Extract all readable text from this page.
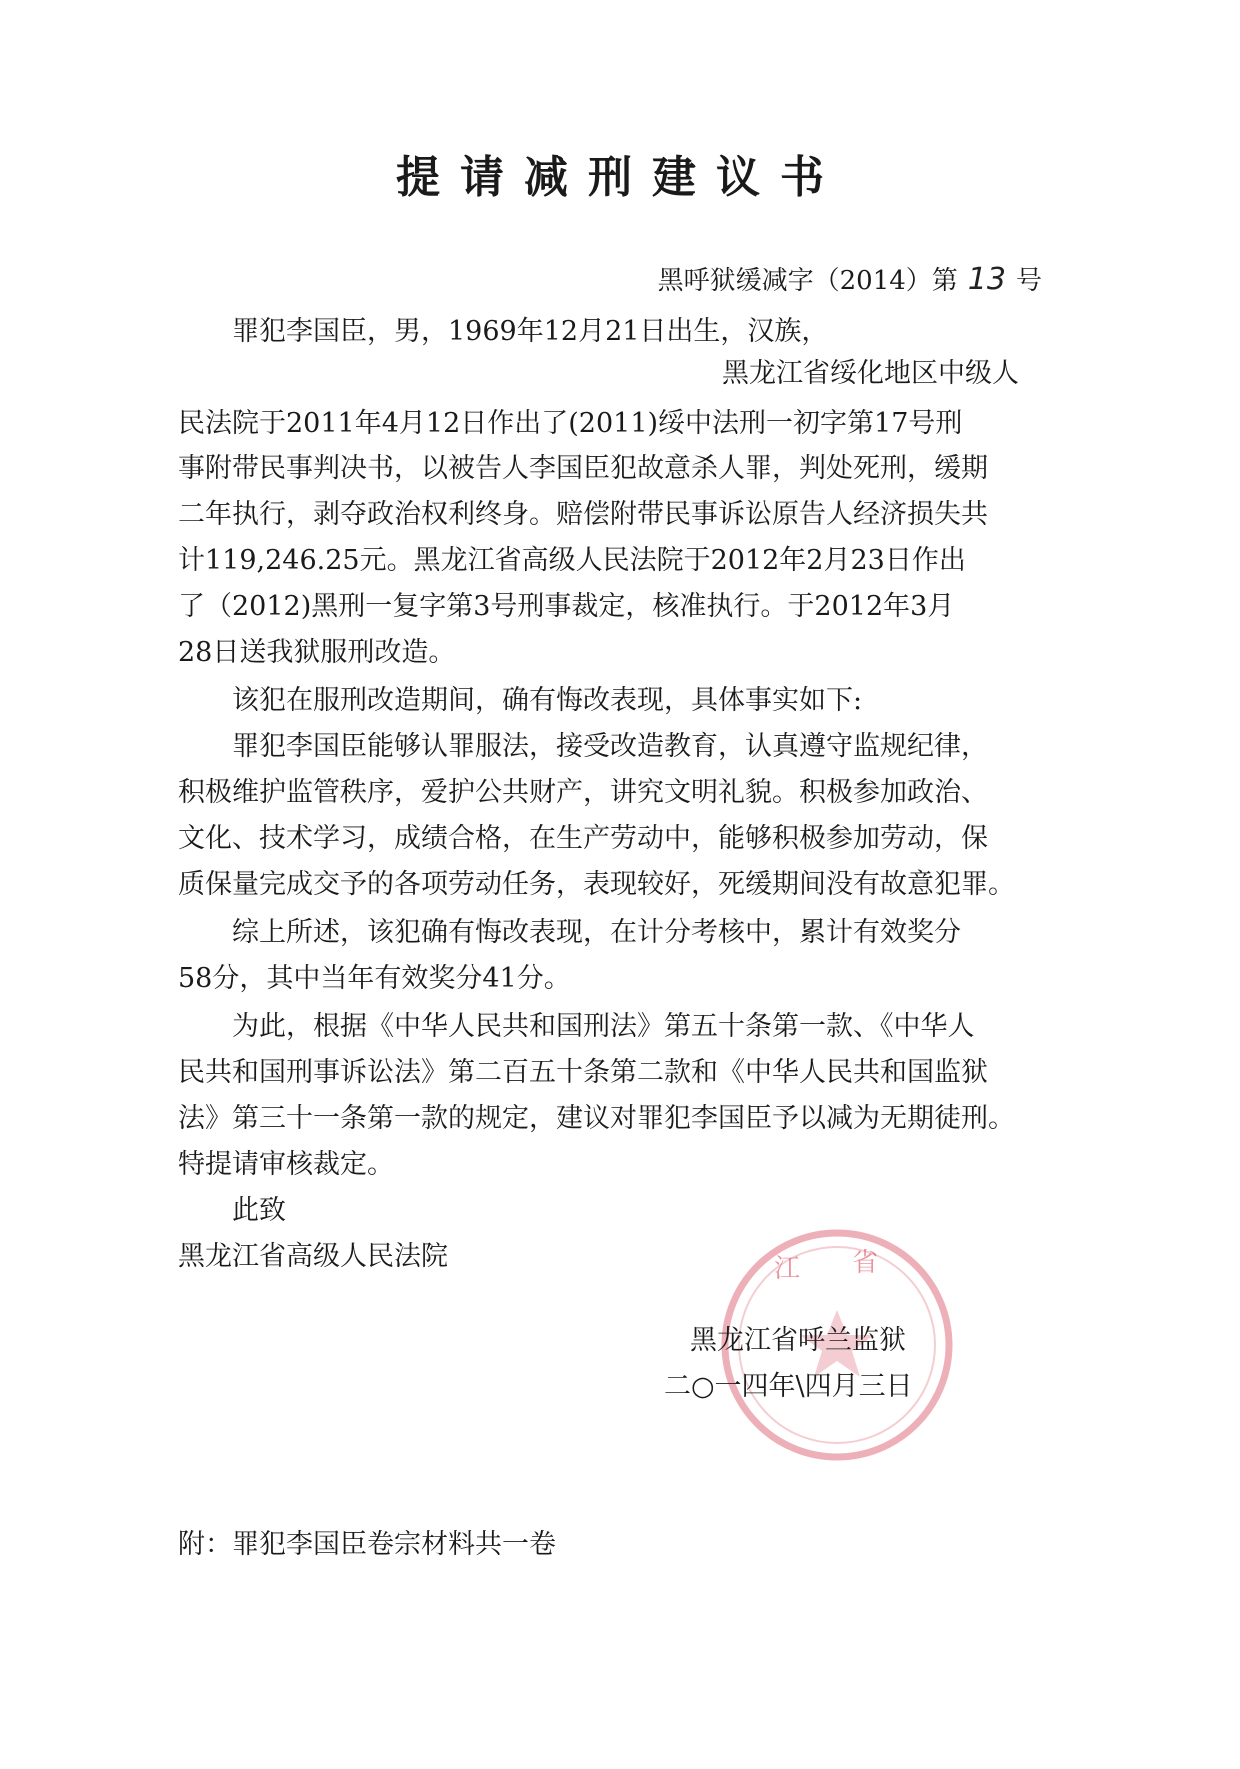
提请减刑建议书
黑呼狱缓减字（2014）第 13 号
罪犯李国臣，男，1969年12月21日出生，汉族，
黑龙江省绥化地区中级人
民法院于2011年4月12日作出了(2011)绥中法刑一初字第17号刑
事附带民事判决书，以被告人李国臣犯故意杀人罪，判处死刑，缓期
二年执行，剥夺政治权利终身。赔偿附带民事诉讼原告人经济损失共
计119,246.25元。黑龙江省高级人民法院于2012年2月23日作出
了（2012)黑刑一复字第3号刑事裁定，核准执行。于2012年3月
28日送我狱服刑改造。
该犯在服刑改造期间，确有悔改表现，具体事实如下:
罪犯李国臣能够认罪服法，接受改造教育，认真遵守监规纪律，
积极维护监管秩序，爱护公共财产，讲究文明礼貌。积极参加政治、
文化、技术学习，成绩合格，在生产劳动中，能够积极参加劳动，保
质保量完成交予的各项劳动任务，表现较好，死缓期间没有故意犯罪。
综上所述，该犯确有悔改表现，在计分考核中，累计有效奖分
58分，其中当年有效奖分41分。
为此，根据《中华人民共和国刑法》第五十条第一款、《中华人
民共和国刑事诉讼法》第二百五十条第二款和《中华人民共和国监狱
法》第三十一条第一款的规定，建议对罪犯李国臣予以减为无期徒刑。
特提请审核裁定。
此致
黑龙江省高级人民法院	江 省
黑龙江省呼兰监狱
二○一四年\四月三日
附：罪犯李国臣卷宗材料共一卷
